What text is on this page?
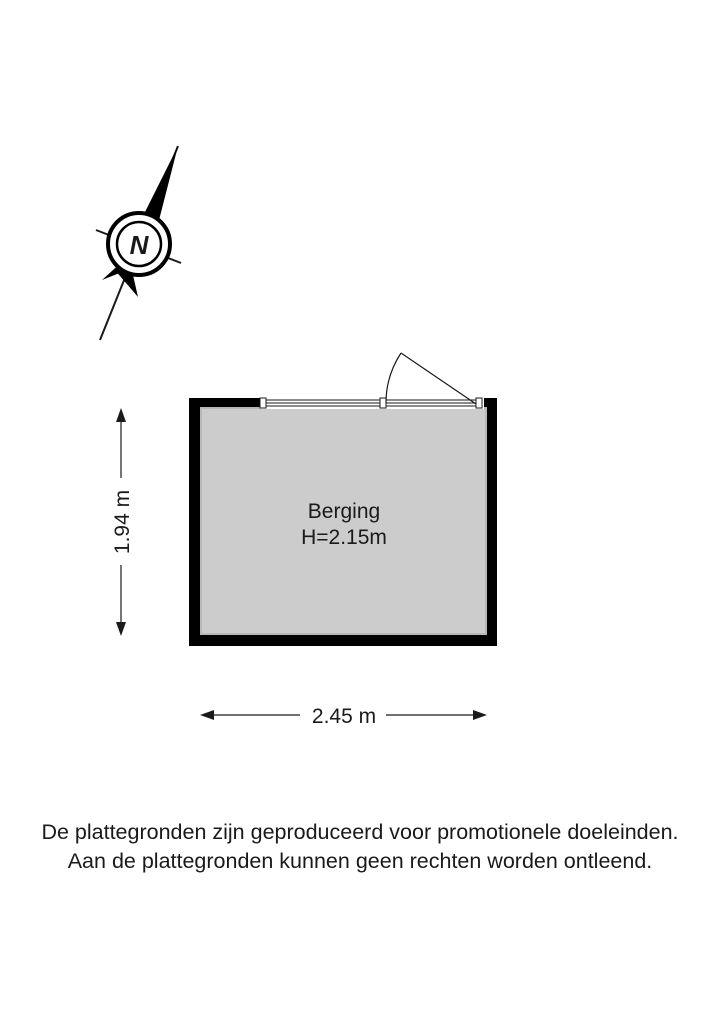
N
1.94 m
2.45 m
Berging
H=2.15m
De plattegronden zijn geproduceerd voor promotionele doeleinden.
Aan de plattegronden kunnen geen rechten worden ontleend.
